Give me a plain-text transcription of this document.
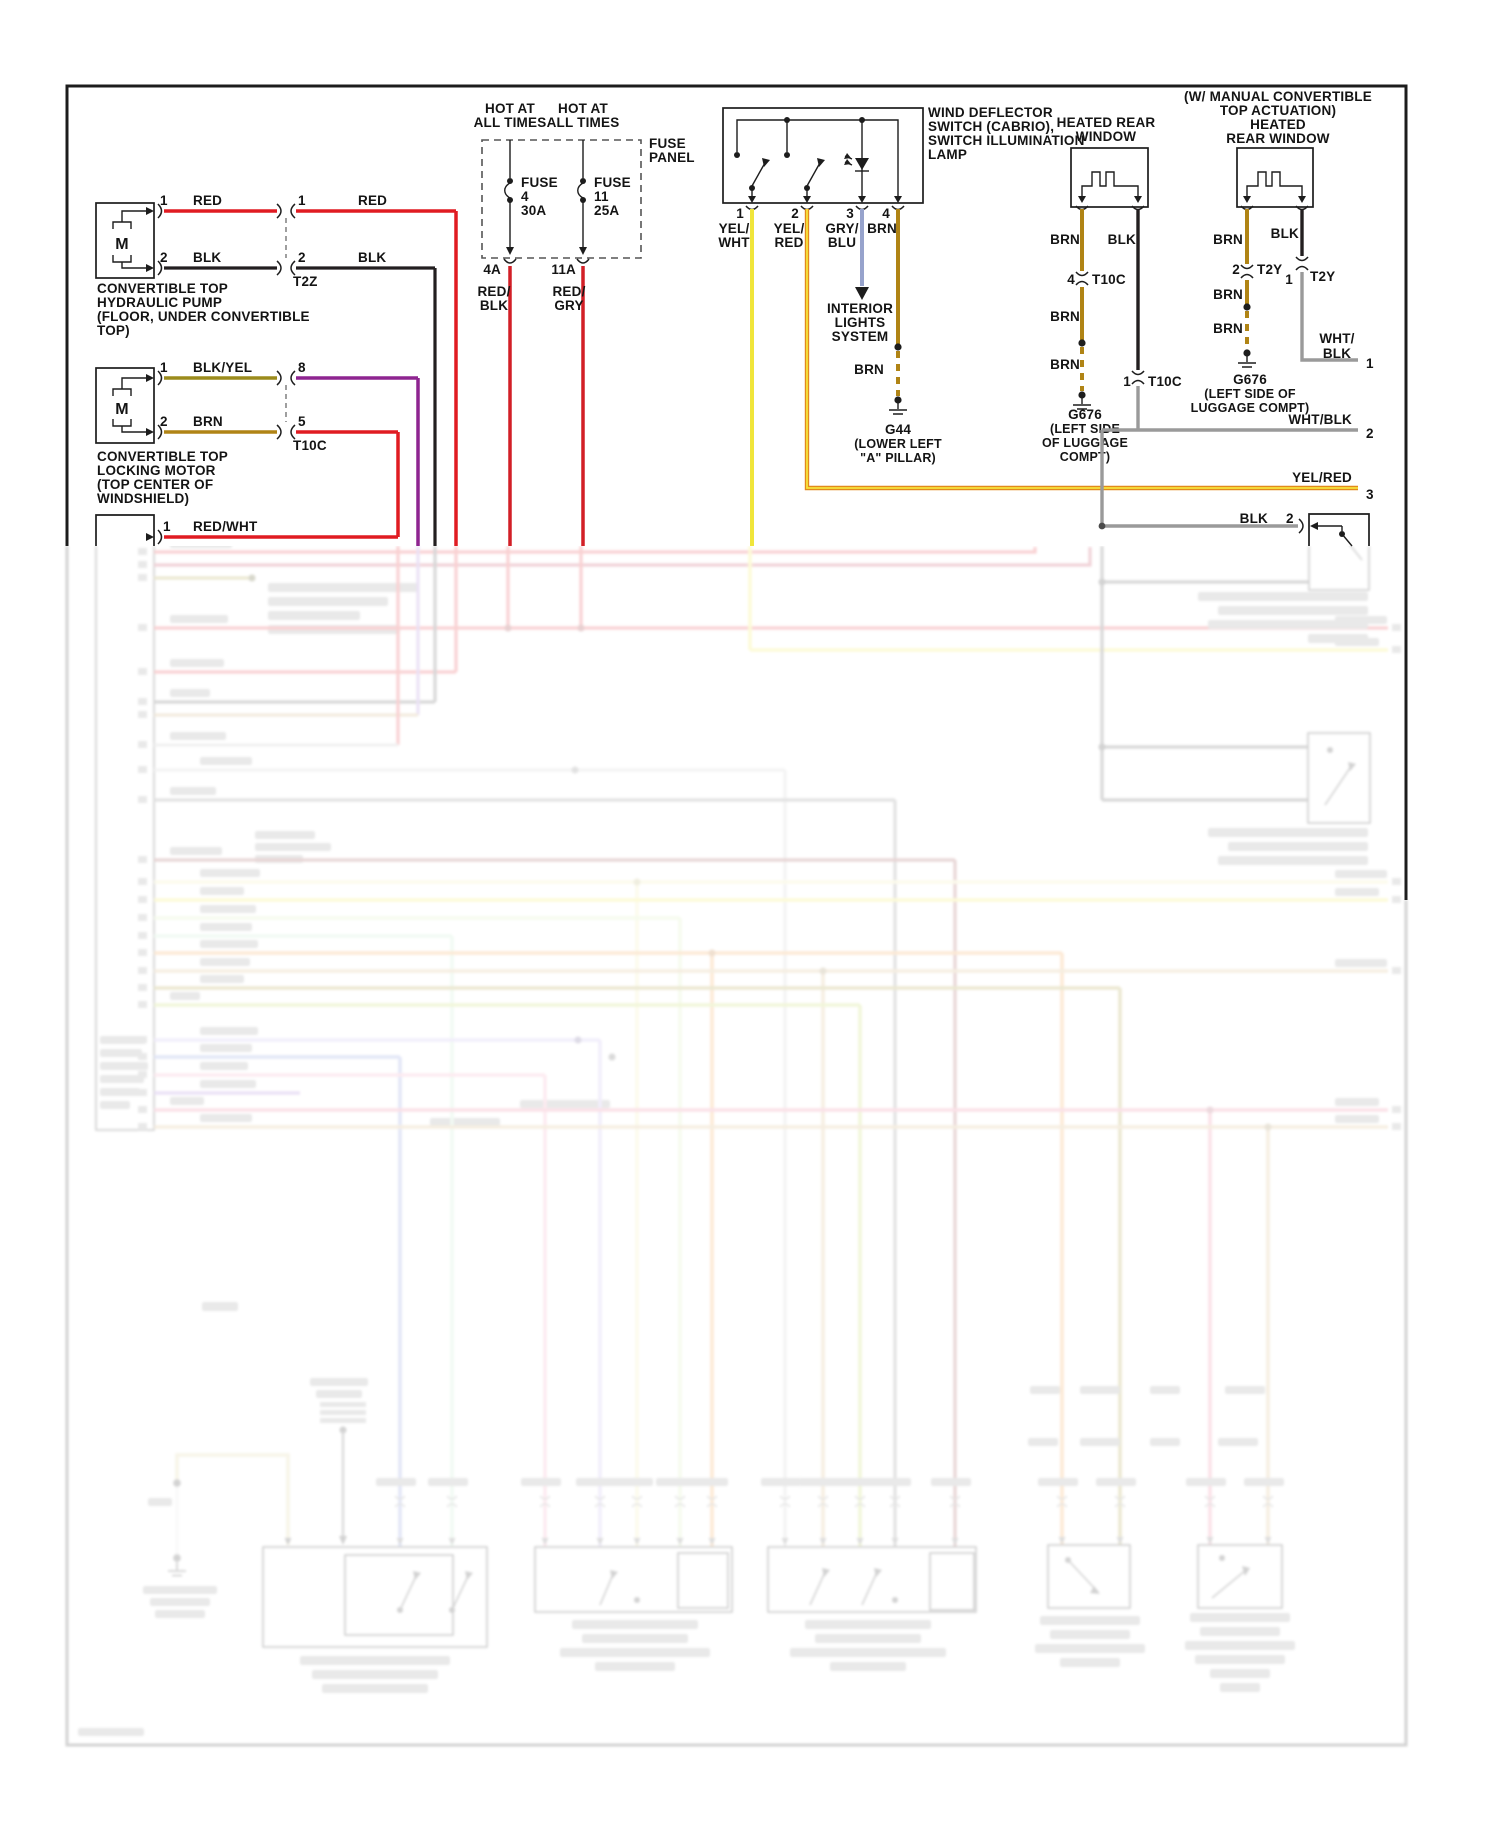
M
1 RED
2 BLK
1	RED
2	BLK
T2Z
CONVERTIBLE TOP
HYDRAULIC PUMP
(FLOOR, UNDER CONVERTIBLE
TOP)
M
1 BLK/YEL
2 BRN
8
5
T10C
CONVERTIBLE TOP
LOCKING MOTOR
(TOP CENTER OF
WINDSHIELD)
1 RED/WHT
HOT AT
ALL TIMES
HOT AT
ALL TIMES
FUSE
PANEL
FUSE
4
30A
4A
RED/
BLK
FUSE
11
25A
11A
RED/
GRY
1	2	3 4
WIND DEFLECTOR
SWITCH (CABRIO),
SWITCH ILLUMINATION
LAMP
YEL/
WHT
YEL/
RED
GRY/
BLU
BRN
INTERIOR
LIGHTS
SYSTEM
BRN
G44
(LOWER LEFT
"A" PILLAR)
HEATED REAR
WINDOW
BRN BLK
4 T10C
BRN
BRN
G676
(LEFT SIDE
OF LUGGAGE
COMPT)
1 T10C
WHT/BLK
2
(W/ MANUAL CONVERTIBLE
TOP ACTUATION)
HEATED
REAR WINDOW
BRN BLK
2 T2Y
BRN
BRN
G676
(LEFT SIDE OF
LUGGAGE COMPT)
1 T2Y
WHT/
BLK
1
YEL/RED
3
BLK 2
